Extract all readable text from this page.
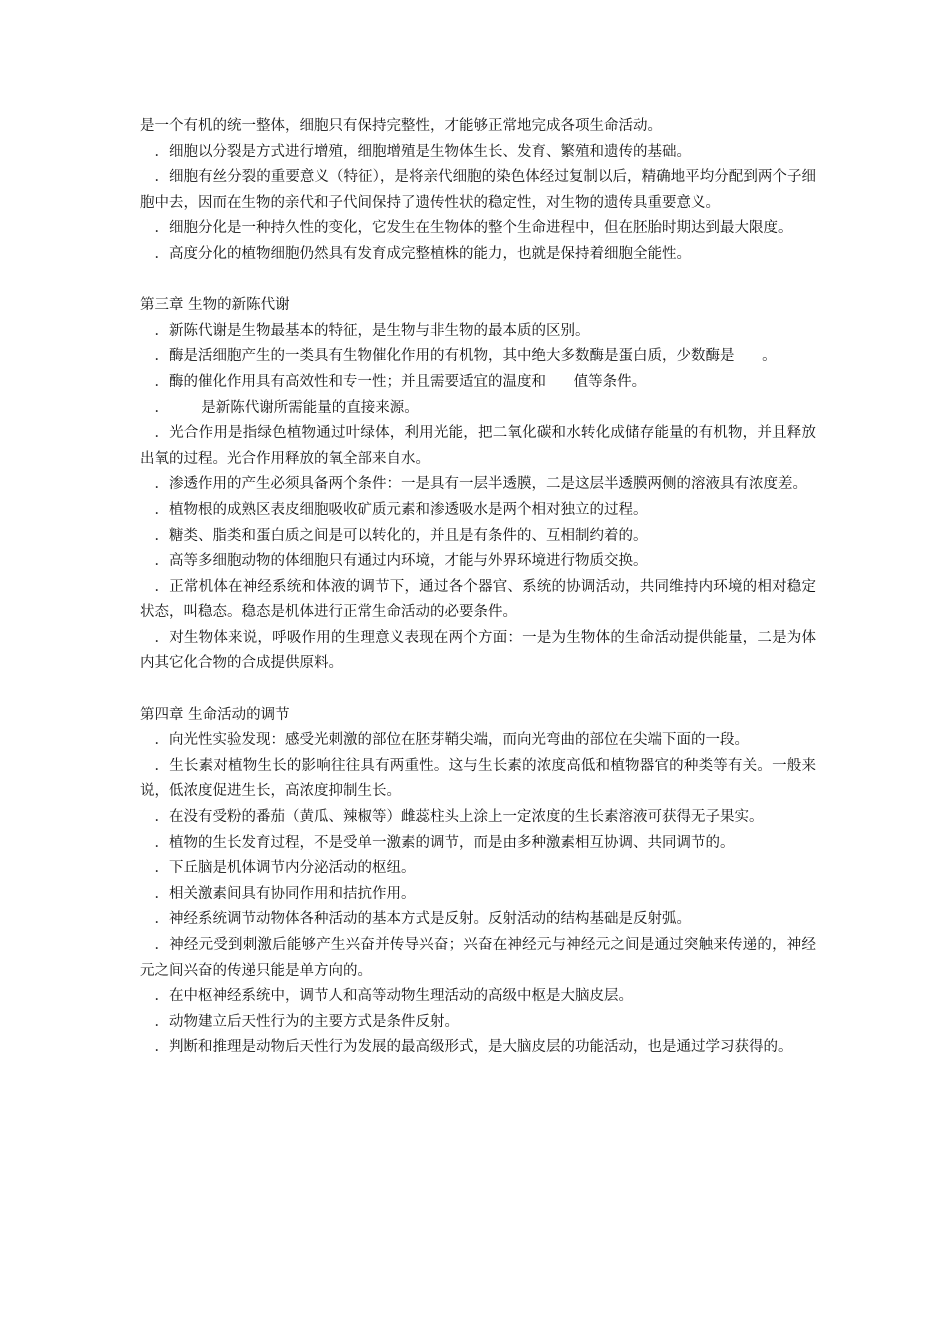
是一个有机的统一整体，细胞只有保持完整性，才能够正常地完成各项生命活动。

．细胞以分裂是方式进行增殖，细胞增殖是生物体生长、发育、繁殖和遗传的基础。

．细胞有丝分裂的重要意义（特征），是将亲代细胞的染色体经过复制以后，精确地平均分配到两个子细胞中去，因而在生物的亲代和子代间保持了遗传性状的稳定性，对生物的遗传具重要意义。

．细胞分化是一种持久性的变化，它发生在生物体的整个生命进程中，但在胚胎时期达到最大限度。

．高度分化的植物细胞仍然具有发育成完整植株的能力，也就是保持着细胞全能性。

第三章 生物的新陈代谢

．新陈代谢是生物最基本的特征，是生物与非生物的最本质的区别。

．酶是活细胞产生的一类具有生物催化作用的有机物，其中绝大多数酶是蛋白质，少数酶是      。

．酶的催化作用具有高效性和专一性；并且需要适宜的温度和      值等条件。

．       是新陈代谢所需能量的直接来源。

．光合作用是指绿色植物通过叶绿体，利用光能，把二氧化碳和水转化成储存能量的有机物，并且释放出氧的过程。光合作用释放的氧全部来自水。

．渗透作用的产生必须具备两个条件：一是具有一层半透膜，二是这层半透膜两侧的溶液具有浓度差。

．植物根的成熟区表皮细胞吸收矿质元素和渗透吸水是两个相对独立的过程。

．糖类、脂类和蛋白质之间是可以转化的，并且是有条件的、互相制约着的。

．高等多细胞动物的体细胞只有通过内环境，才能与外界环境进行物质交换。

．正常机体在神经系统和体液的调节下，通过各个器官、系统的协调活动，共同维持内环境的相对稳定状态，叫稳态。稳态是机体进行正常生命活动的必要条件。

．对生物体来说，呼吸作用的生理意义表现在两个方面：一是为生物体的生命活动提供能量，二是为体内其它化合物的合成提供原料。

第四章 生命活动的调节

．向光性实验发现：感受光刺激的部位在胚芽鞘尖端，而向光弯曲的部位在尖端下面的一段。

．生长素对植物生长的影响往往具有两重性。这与生长素的浓度高低和植物器官的种类等有关。一般来说，低浓度促进生长，高浓度抑制生长。

．在没有受粉的番茄（黄瓜、辣椒等）雌蕊柱头上涂上一定浓度的生长素溶液可获得无子果实。

．植物的生长发育过程，不是受单一激素的调节，而是由多种激素相互协调、共同调节的。

．下丘脑是机体调节内分泌活动的枢纽。

．相关激素间具有协同作用和拮抗作用。

．神经系统调节动物体各种活动的基本方式是反射。反射活动的结构基础是反射弧。

．神经元受到刺激后能够产生兴奋并传导兴奋；兴奋在神经元与神经元之间是通过突触来传递的，神经元之间兴奋的传递只能是单方向的。

．在中枢神经系统中，调节人和高等动物生理活动的高级中枢是大脑皮层。

．动物建立后天性行为的主要方式是条件反射。

．判断和推理是动物后天性行为发展的最高级形式，是大脑皮层的功能活动，也是通过学习获得的。
